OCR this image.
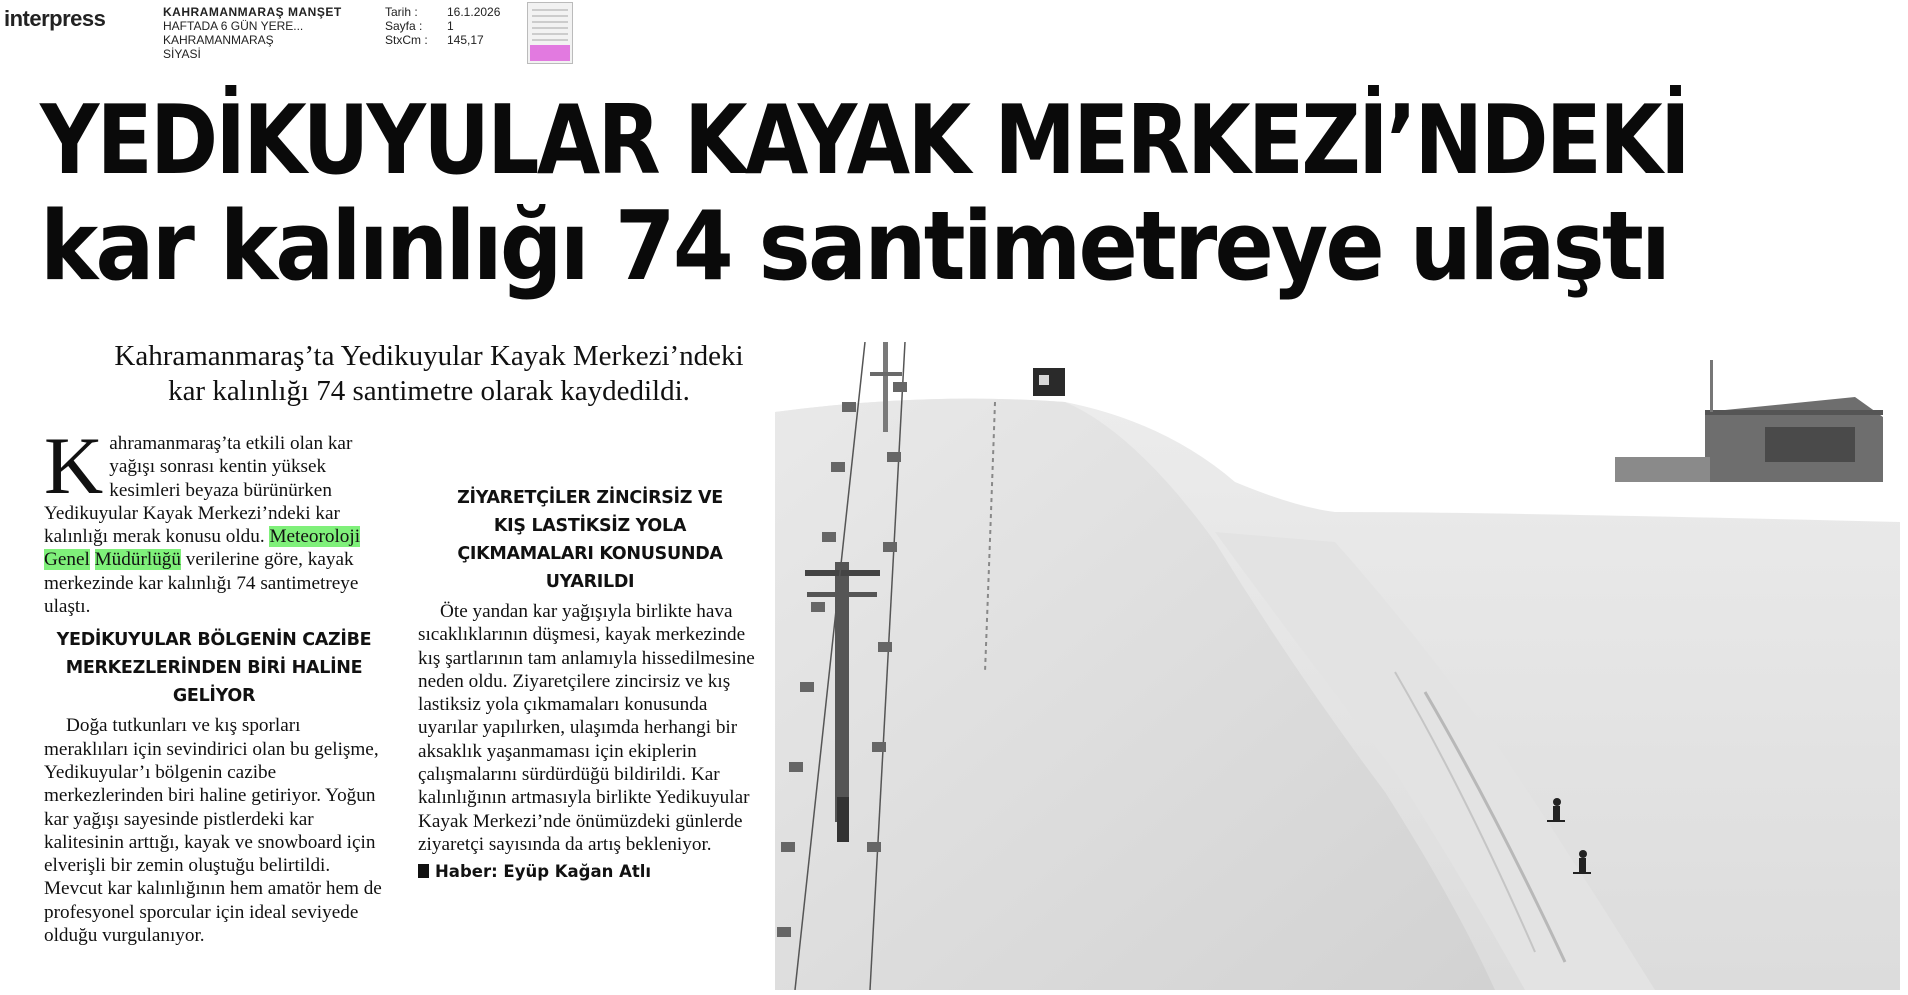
interpress	KAHRAMANMARAŞ MANŞET
HAFTADA 6 GÜN YERE...
KAHRAMANMARAŞ
SİYASİ
Tarih : 16.1.2026
Sayfa : 1
StxCm : 145,17
YEDİKUYULAR KAYAK MERKEZİ’NDEKİ
kar kalınlığı 74 santimetreye ulaştı
Kahramanmaraş’ta Yedikuyular Kayak Merkezi’ndeki
kar kalınlığı 74 santimetre olarak kaydedildi.
Kahramanmaraş’ta etkili olan kar yağışı sonrası kentin yüksek kesimleri beyaza bürünürken Yedikuyular Kayak Merkezi’ndeki kar kalınlığı merak konusu oldu. Meteoroloji Genel Müdürlüğü verilerine göre, kayak merkezinde kar kalınlığı 74 santimetreye ulaştı.
YEDİKUYULAR BÖLGENİN CAZİBE MERKEZLERİNDEN BİRİ HALİNE GELİYOR
Doğa tutkunları ve kış sporları meraklıları için sevindirici olan bu gelişme, Yedikuyular’ı bölgenin cazibe merkezlerinden biri haline getiriyor. Yoğun kar yağışı sayesinde pistlerdeki kar kalitesinin arttığı, kayak ve snowboard için elverişli bir zemin oluştuğu belirtildi. Mevcut kar kalınlığının hem amatör hem de profesyonel sporcular için ideal seviyede olduğu vurgulanıyor.
ZİYARETÇİLER ZİNCİRSİZ VE KIŞ LASTİKSİZ YOLA ÇIKMAMALARI KONUSUNDA UYARILDI
Öte yandan kar yağışıyla birlikte hava sıcaklıklarının düşmesi, kayak merkezinde kış şartlarının tam anlamıyla hissedilmesine neden oldu. Ziyaretçilere zincirsiz ve kış lastiksiz yola çıkmamaları konusunda uyarılar yapılırken, ulaşımda herhangi bir aksaklık yaşanmaması için ekiplerin çalışmalarını sürdürdüğü bildirildi. Kar kalınlığının artmasıyla birlikte Yedikuyular Kayak Merkezi’nde önümüzdeki günlerde ziyaretçi sayısında da artış bekleniyor.
Haber: Eyüp Kağan Atlı
